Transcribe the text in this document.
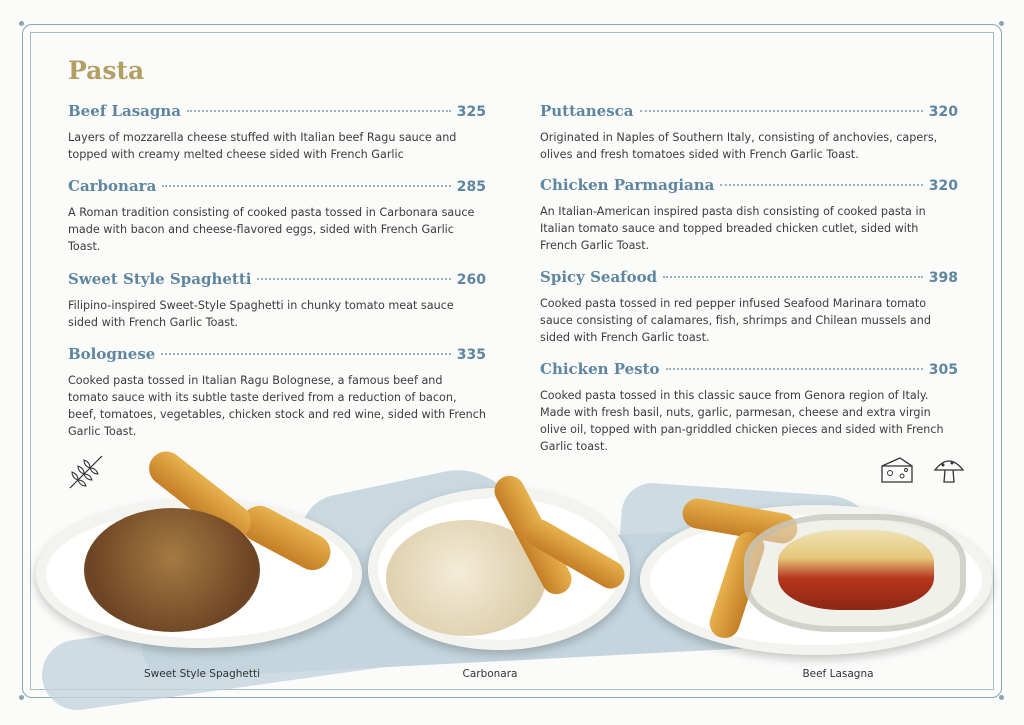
Pasta
Beef Lasagna	325
Layers of mozzarella cheese stuffed with Italian beef Ragu sauce and topped with creamy melted cheese sided with French Garlic
Carbonara	285
A Roman tradition consisting of cooked pasta tossed in Carbonara sauce made with bacon and cheese-flavored eggs, sided with French Garlic Toast.
Sweet Style Spaghetti	260
Filipino-inspired Sweet-Style Spaghetti in chunky tomato meat sauce sided with French Garlic Toast.
Bolognese	335
Cooked pasta tossed in Italian Ragu Bolognese, a famous beef and tomato sauce with its subtle taste derived from a reduction of bacon, beef, tomatoes, vegetables, chicken stock and red wine, sided with French Garlic Toast.
Puttanesca	320
Originated in Naples of Southern Italy, consisting of anchovies, capers, olives and fresh tomatoes sided with French Garlic Toast.
Chicken Parmagiana	320
An Italian-American inspired pasta dish consisting of cooked pasta in Italian tomato sauce and topped breaded chicken cutlet, sided with French Garlic Toast.
Spicy Seafood	398
Cooked pasta tossed in red pepper infused Seafood Marinara tomato sauce consisting of calamares, fish, shrimps and Chilean mussels and sided with French Garlic toast.
Chicken Pesto	305
Cooked pasta tossed in this classic sauce from Genora region of Italy. Made with fresh basil, nuts, garlic, parmesan, cheese and extra virgin olive oil, topped with pan-griddled chicken pieces and sided with French Garlic toast.
Sweet Style Spaghetti	Carbonara	Beef Lasagna
